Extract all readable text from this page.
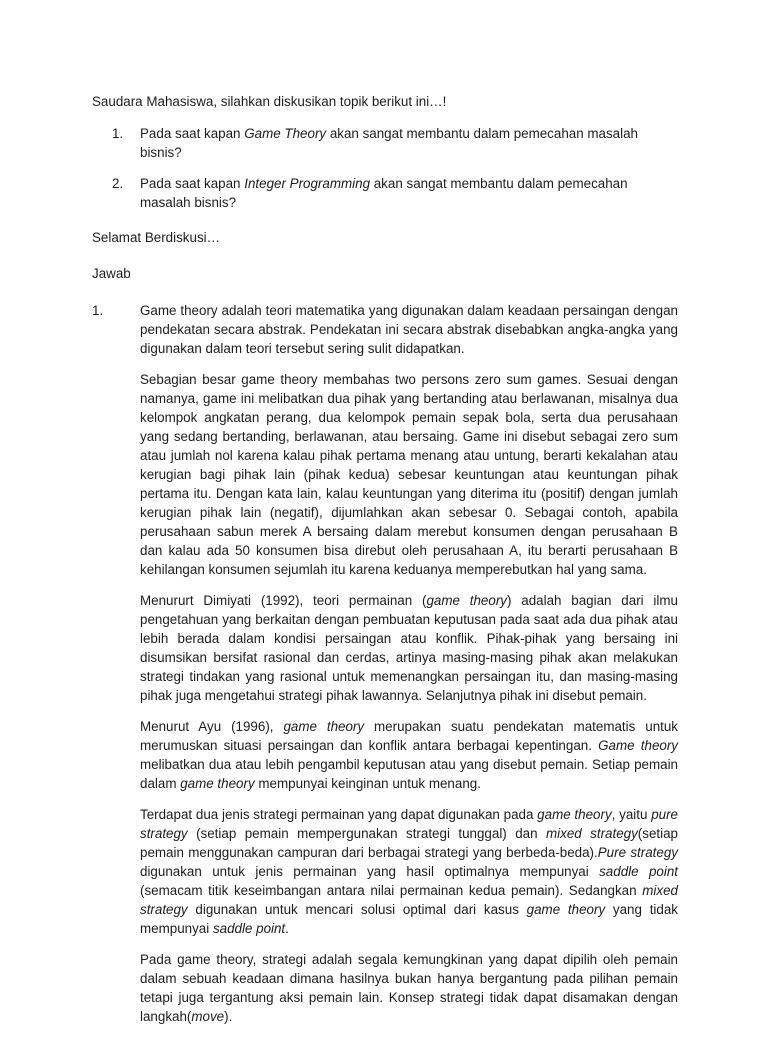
Saudara Mahasiswa, silahkan diskusikan topik berikut ini…!

1. Pada saat kapan Game Theory akan sangat membantu dalam pemecahan masalah bisnis?
2. Pada saat kapan Integer Programming akan sangat membantu dalam pemecahan masalah bisnis?

Selamat Berdiskusi…

Jawab

1.	Game theory adalah teori matematika yang digunakan dalam keadaan persaingan dengan pendekatan secara abstrak. Pendekatan ini secara abstrak disebabkan angka-angka yang digunakan dalam teori tersebut sering sulit didapatkan.

Sebagian besar game theory membahas two persons zero sum games. Sesuai dengan namanya, game ini melibatkan dua pihak yang bertanding atau berlawanan, misalnya dua kelompok angkatan perang, dua kelompok pemain sepak bola, serta dua perusahaan yang sedang bertanding, berlawanan, atau bersaing. Game ini disebut sebagai zero sum atau jumlah nol karena kalau pihak pertama menang atau untung, berarti kekalahan atau kerugian bagi pihak lain (pihak kedua) sebesar keuntungan atau keuntungan pihak pertama itu. Dengan kata lain, kalau keuntungan yang diterima itu (positif) dengan jumlah kerugian pihak lain (negatif), dijumlahkan akan sebesar 0. Sebagai contoh, apabila perusahaan sabun merek A bersaing dalam merebut konsumen dengan perusahaan B dan kalau ada 50 konsumen bisa direbut oleh perusahaan A, itu berarti perusahaan B kehilangan konsumen sejumlah itu karena keduanya memperebutkan hal yang sama.

Menururt Dimiyati (1992), teori permainan (game theory) adalah bagian dari ilmu pengetahuan yang berkaitan dengan pembuatan keputusan pada saat ada dua pihak atau lebih berada dalam kondisi persaingan atau konflik. Pihak-pihak yang bersaing ini disumsikan bersifat rasional dan cerdas, artinya masing-masing pihak akan melakukan strategi tindakan yang rasional untuk memenangkan persaingan itu, dan masing-masing pihak juga mengetahui strategi pihak lawannya. Selanjutnya pihak ini disebut pemain.

Menurut Ayu (1996), game theory merupakan suatu pendekatan matematis untuk merumuskan situasi persaingan dan konflik antara berbagai kepentingan. Game theory melibatkan dua atau lebih pengambil keputusan atau yang disebut pemain. Setiap pemain dalam game theory mempunyai keinginan untuk menang.

Terdapat dua jenis strategi permainan yang dapat digunakan pada game theory, yaitu pure strategy (setiap pemain mempergunakan strategi tunggal) dan mixed strategy(setiap pemain menggunakan campuran dari berbagai strategi yang berbeda-beda).Pure strategy digunakan untuk jenis permainan yang hasil optimalnya mempunyai saddle point (semacam titik keseimbangan antara nilai permainan kedua pemain). Sedangkan mixed strategy digunakan untuk mencari solusi optimal dari kasus game theory yang tidak mempunyai saddle point.

Pada game theory, strategi adalah segala kemungkinan yang dapat dipilih oleh pemain dalam sebuah keadaan dimana hasilnya bukan hanya bergantung pada pilihan pemain tetapi juga tergantung aksi pemain lain. Konsep strategi tidak dapat disamakan dengan langkah(move).
